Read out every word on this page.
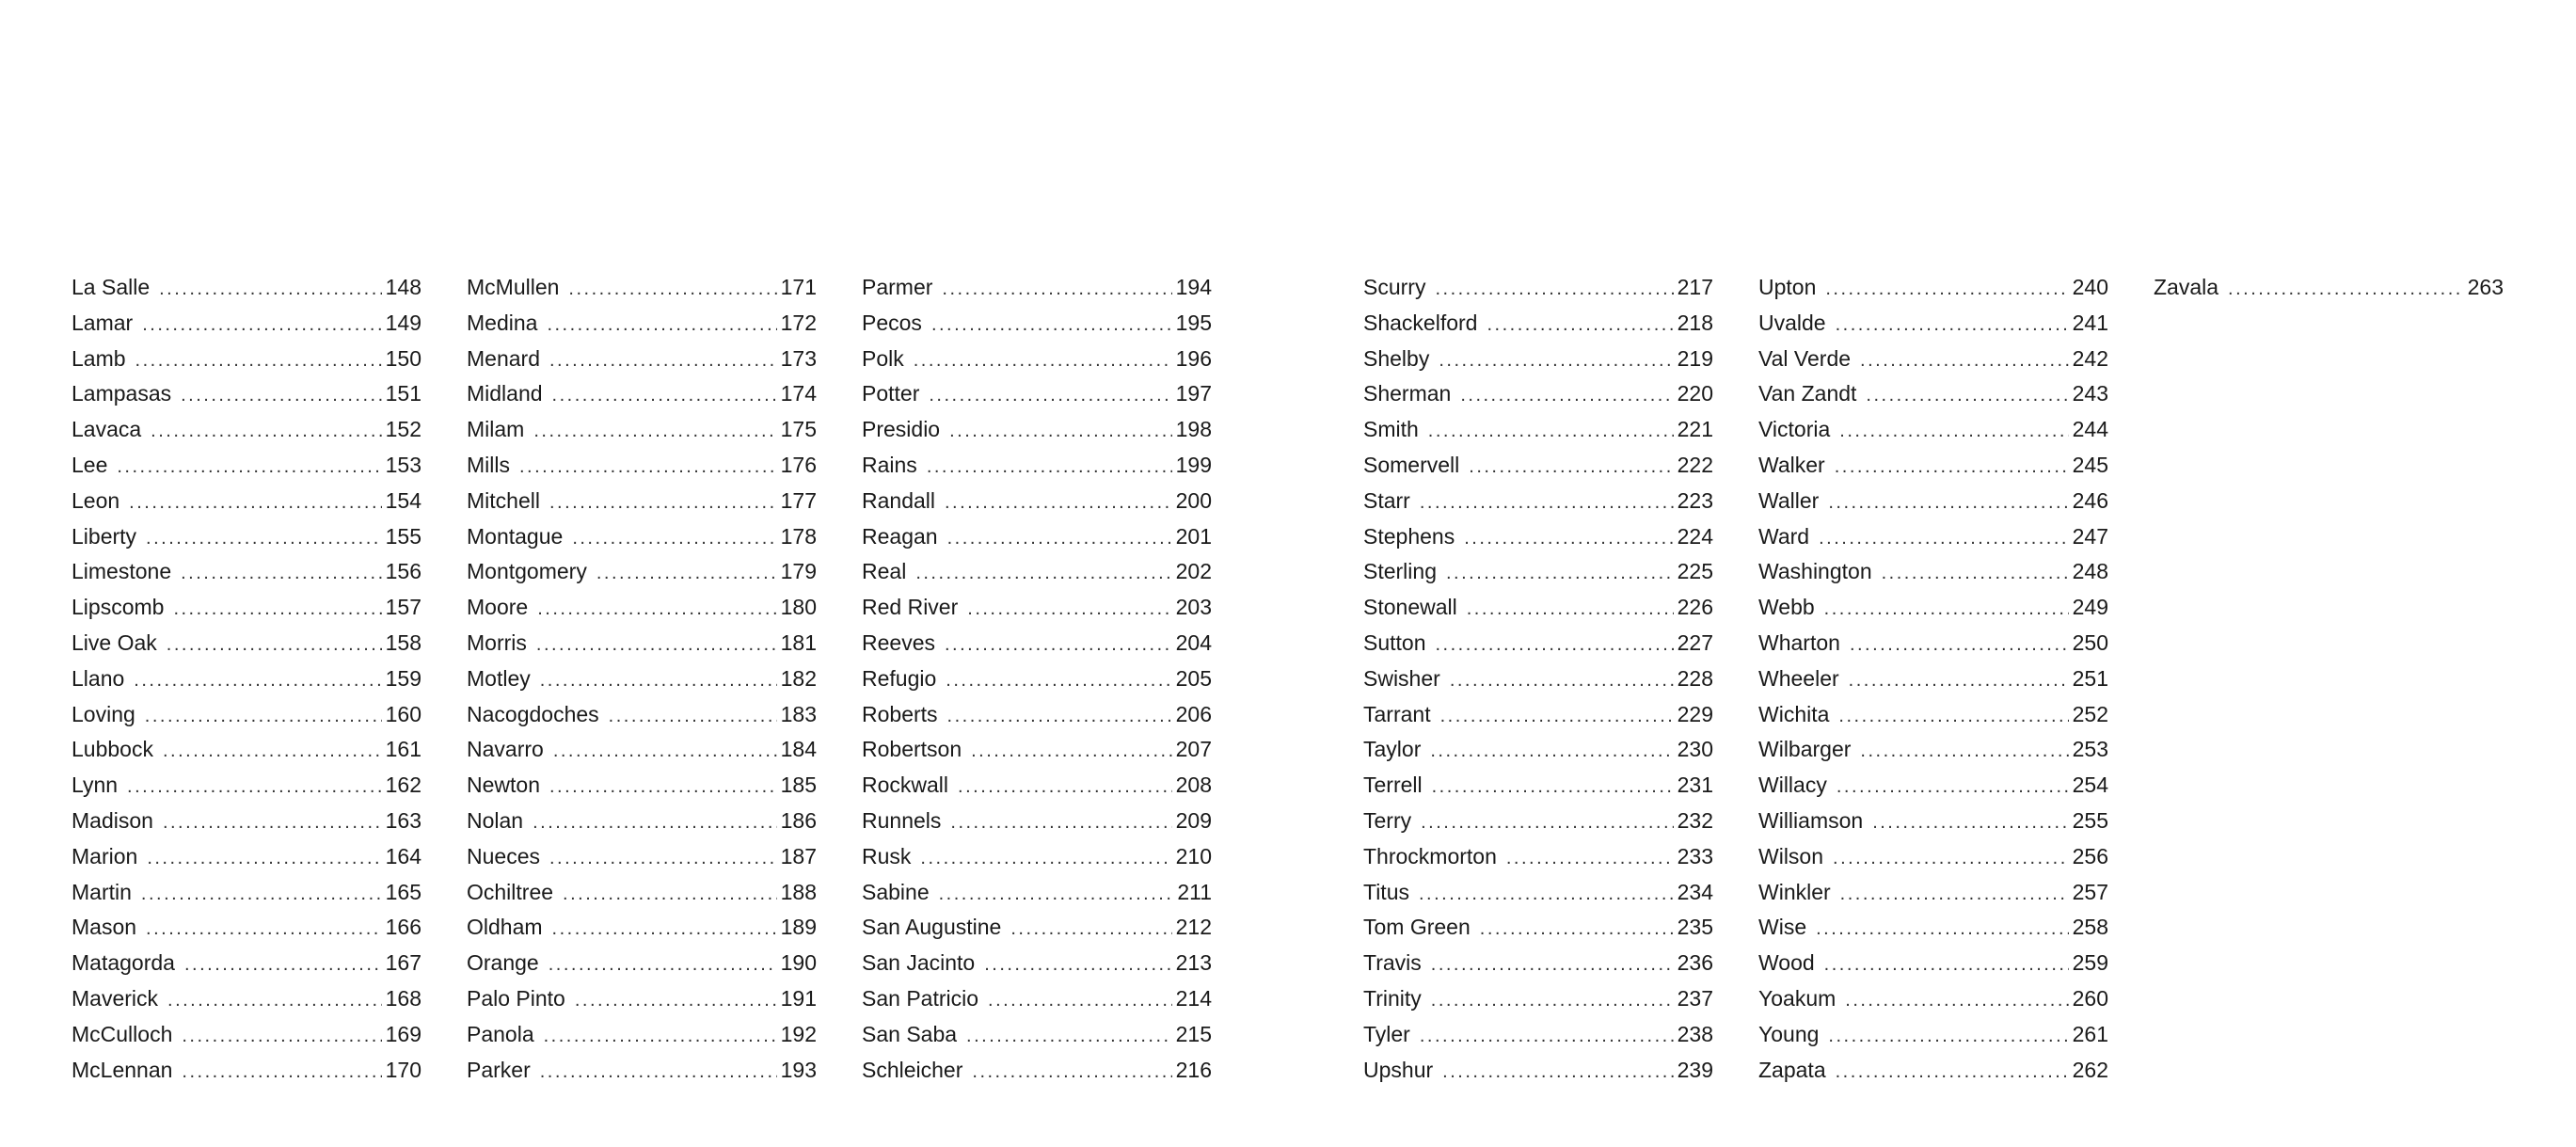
La Salle .....	148
Lamar .....	149
Lamb .....	150
Lampasas .....	151
Lavaca .....	152
Lee .....	153
Leon .....	154
Liberty .....	155
Limestone .....	156
Lipscomb .....	157
Live Oak .....	158
Llano .....	159
Loving .....	160
Lubbock .....	161
Lynn .....	162
Madison .....	163
Marion .....	164
Martin .....	165
Mason .....	166
Matagorda .....	167
Maverick .....	168
McCulloch .....	169
McLennan .....	170
McMullen .....	171
Medina .....	172
Menard .....	173
Midland .....	174
Milam .....	175
Mills .....	176
Mitchell .....	177
Montague .....	178
Montgomery .....	179
Moore .....	180
Morris .....	181
Motley .....	182
Nacogdoches .....	183
Navarro .....	184
Newton .....	185
Nolan .....	186
Nueces .....	187
Ochiltree .....	188
Oldham .....	189
Orange .....	190
Palo Pinto .....	191
Panola .....	192
Parker .....	193
Parmer .....	194
Pecos .....	195
Polk .....	196
Potter .....	197
Presidio .....	198
Rains .....	199
Randall .....	200
Reagan .....	201
Real .....	202
Red River .....	203
Reeves .....	204
Refugio .....	205
Roberts .....	206
Robertson .....	207
Rockwall .....	208
Runnels .....	209
Rusk .....	210
Sabine .....	211
San Augustine .....	212
San Jacinto .....	213
San Patricio .....	214
San Saba .....	215
Schleicher .....	216
Scurry .....	217
Shackelford .....	218
Shelby .....	219
Sherman .....	220
Smith .....	221
Somervell .....	222
Starr .....	223
Stephens .....	224
Sterling .....	225
Stonewall .....	226
Sutton .....	227
Swisher .....	228
Tarrant .....	229
Taylor .....	230
Terrell .....	231
Terry .....	232
Throckmorton .....	233
Titus .....	234
Tom Green .....	235
Travis .....	236
Trinity .....	237
Tyler .....	238
Upshur .....	239
Upton .....	240
Uvalde .....	241
Val Verde .....	242
Van Zandt .....	243
Victoria .....	244
Walker .....	245
Waller .....	246
Ward .....	247
Washington .....	248
Webb .....	249
Wharton .....	250
Wheeler .....	251
Wichita .....	252
Wilbarger .....	253
Willacy .....	254
Williamson .....	255
Wilson .....	256
Winkler .....	257
Wise .....	258
Wood .....	259
Yoakum .....	260
Young .....	261
Zapata .....	262
Zavala .....	263
